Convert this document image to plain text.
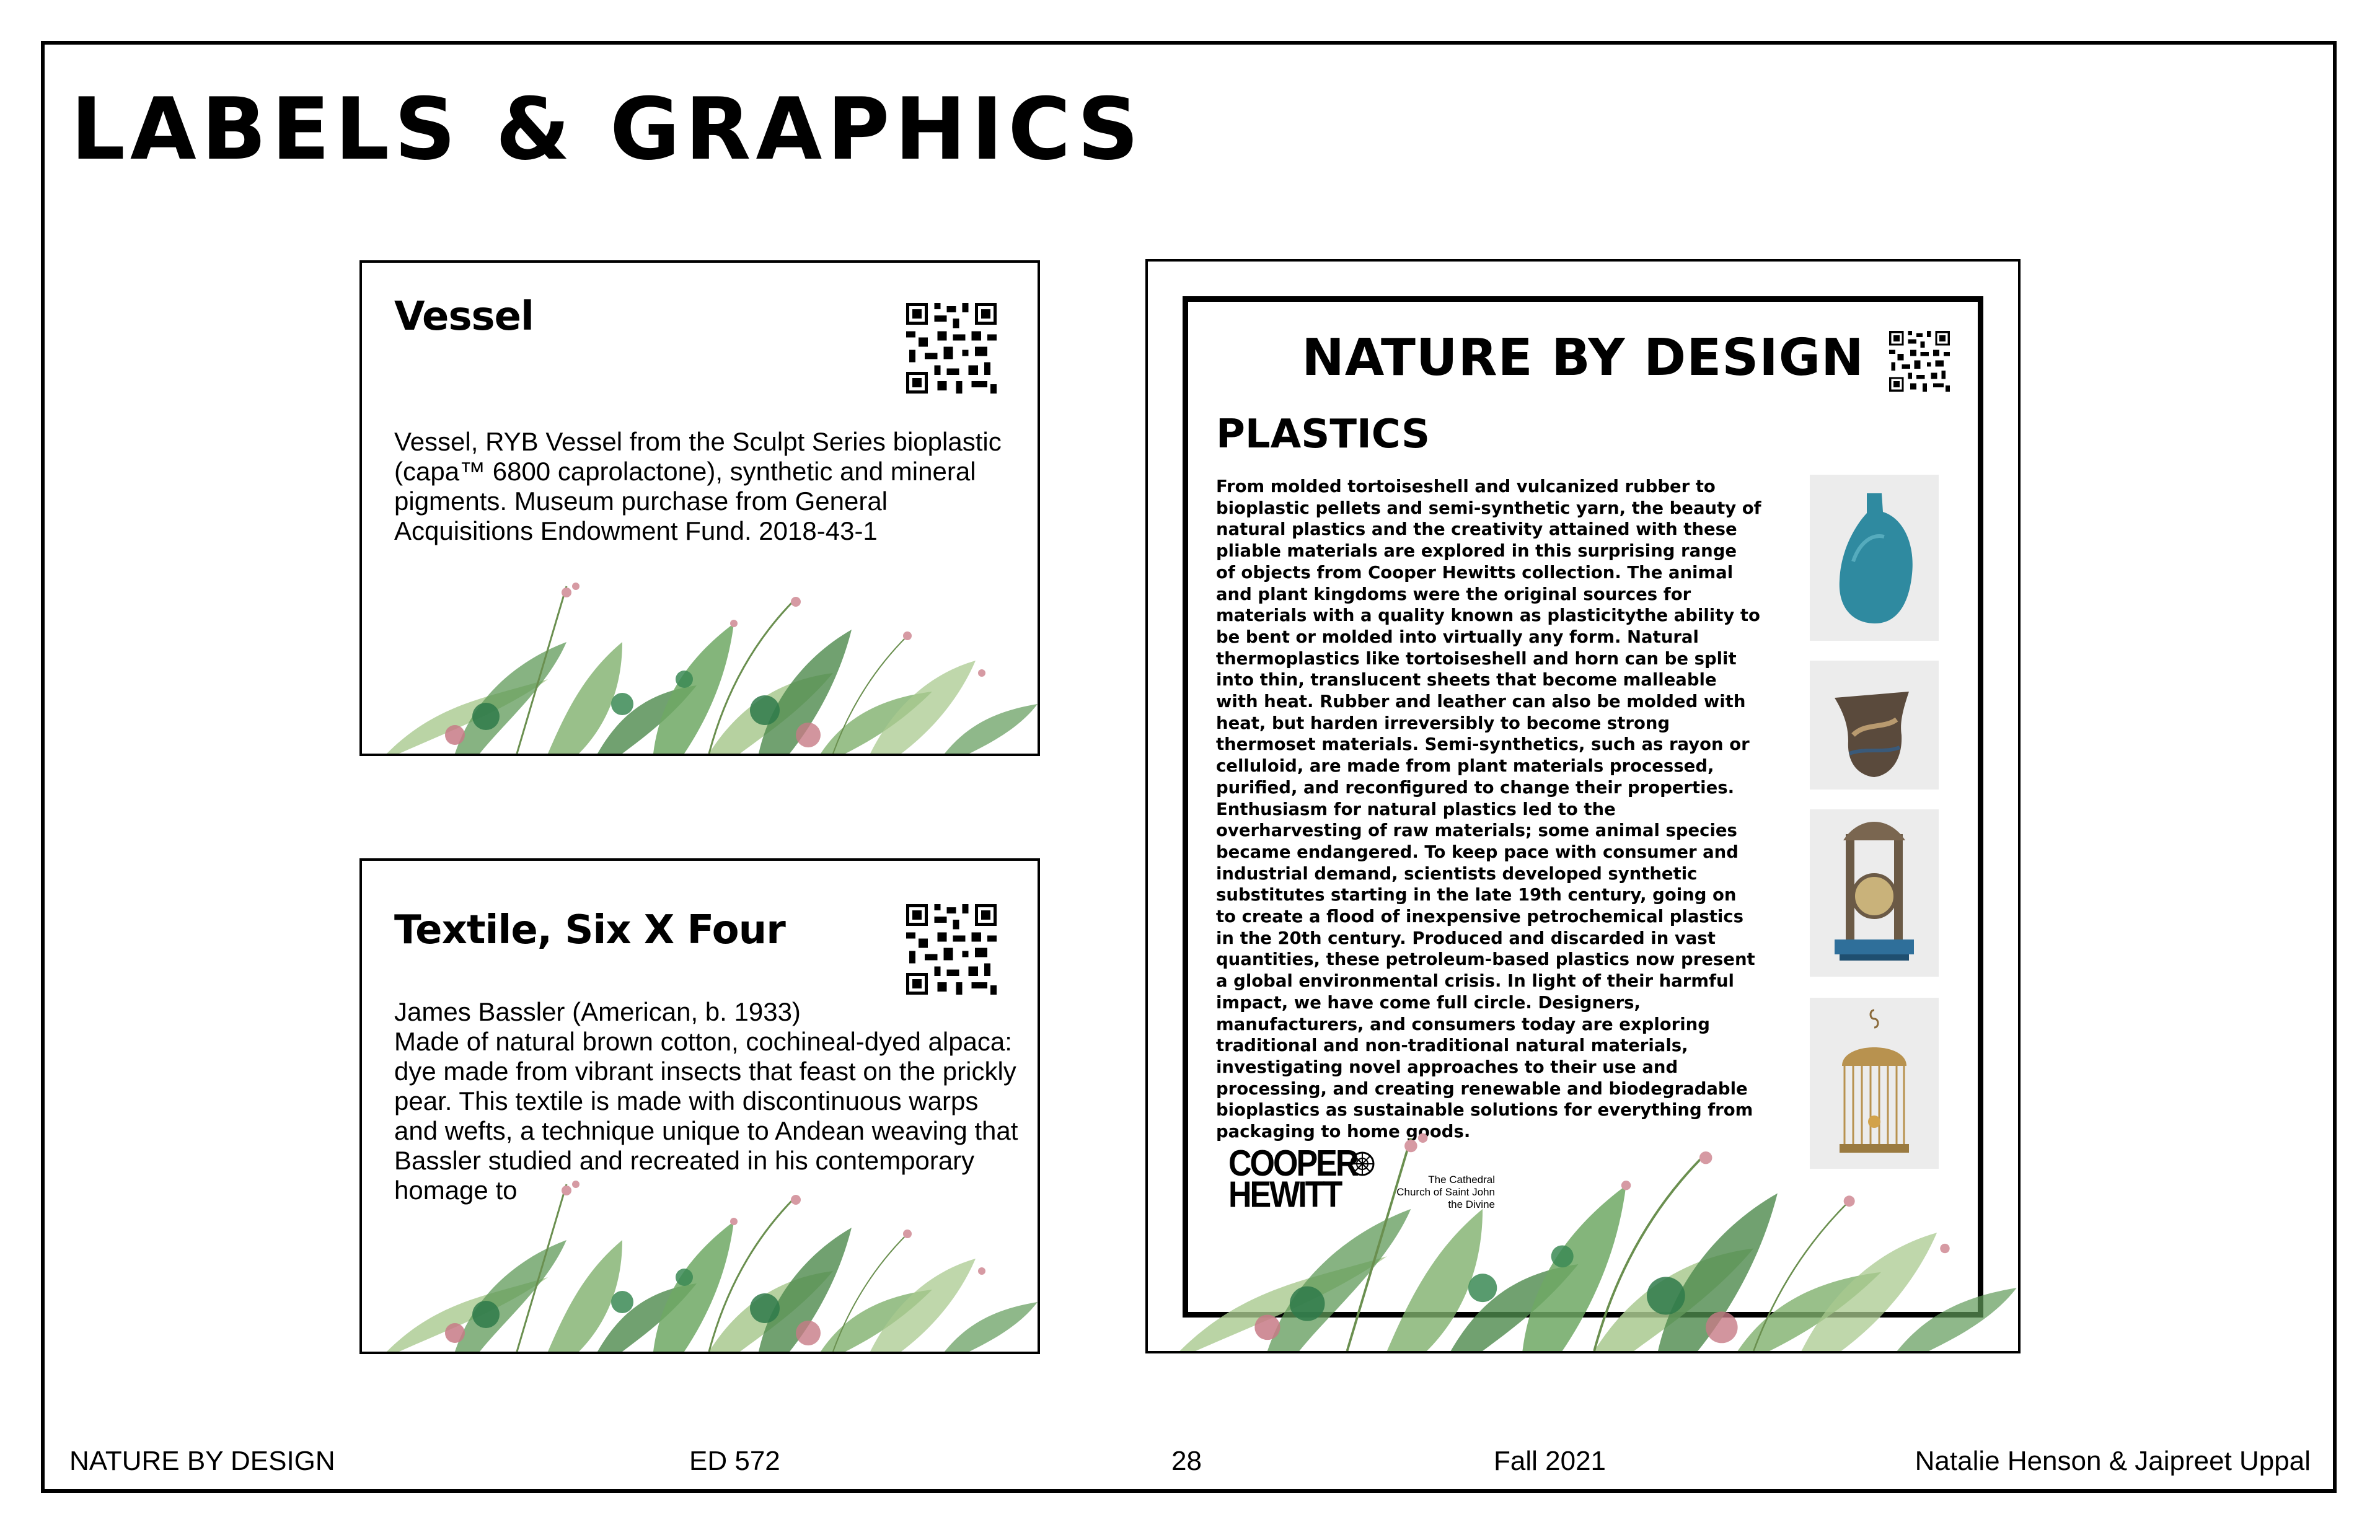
LABELS & GRAPHICS
Vessel

Vessel, RYB Vessel from the Sculpt Series bioplastic (capa™ 6800 caprolactone), synthetic and mineral pigments. Museum purchase from General Acquisitions Endowment Fund. 2018-43-1

Textile, Six X Four

James Bassler (American, b. 1933)

Made of natural brown cotton, cochineal-dyed alpaca: dye made from vibrant insects that feast on the prickly pear. This textile is made with discontinuous warps and wefts, a technique unique to Andean weaving that Bassler studied and recreated in his contemporary homage to

NATURE BY DESIGN
PLASTICS

From molded tortoiseshell and vulcanized rubber to bioplastic pellets and semi-synthetic yarn, the beauty of natural plastics and the creativity attained with these pliable materials are explored in this surprising range of objects from Cooper Hewitts collection. The animal and plant kingdoms were the original sources for materials with a quality known as plasticitythe ability to be bent or molded into virtually any form. Natural thermoplastics like tortoiseshell and horn can be split into thin, translucent sheets that become malleable with heat. Rubber and leather can also be molded with heat, but harden irreversibly to become strong thermoset materials. Semi-synthetics, such as rayon or celluloid, are made from plant materials processed, purified, and reconfigured to change their properties.

Enthusiasm for natural plastics led to the overharvesting of raw materials; some animal species became endangered. To keep pace with consumer and industrial demand, scientists developed synthetic substitutes starting in the late 19th century, going on to create a flood of inexpensive petrochemical plastics in the 20th century. Produced and discarded in vast quantities, these petroleum-based plastics now present a global environmental crisis. In light of their harmful impact, we have come full circle. Designers, manufacturers, and consumers today are exploring traditional and non-traditional natural materials, investigating novel approaches to their use and processing, and creating renewable and biodegradable bioplastics as sustainable solutions for everything from packaging to home goods.

COOPER
HEWITT	The Cathedral
Church of Saint John
the Divine

NATURE BY DESIGN	ED 572	28	Fall 2021	Natalie Henson & Jaipreet Uppal
